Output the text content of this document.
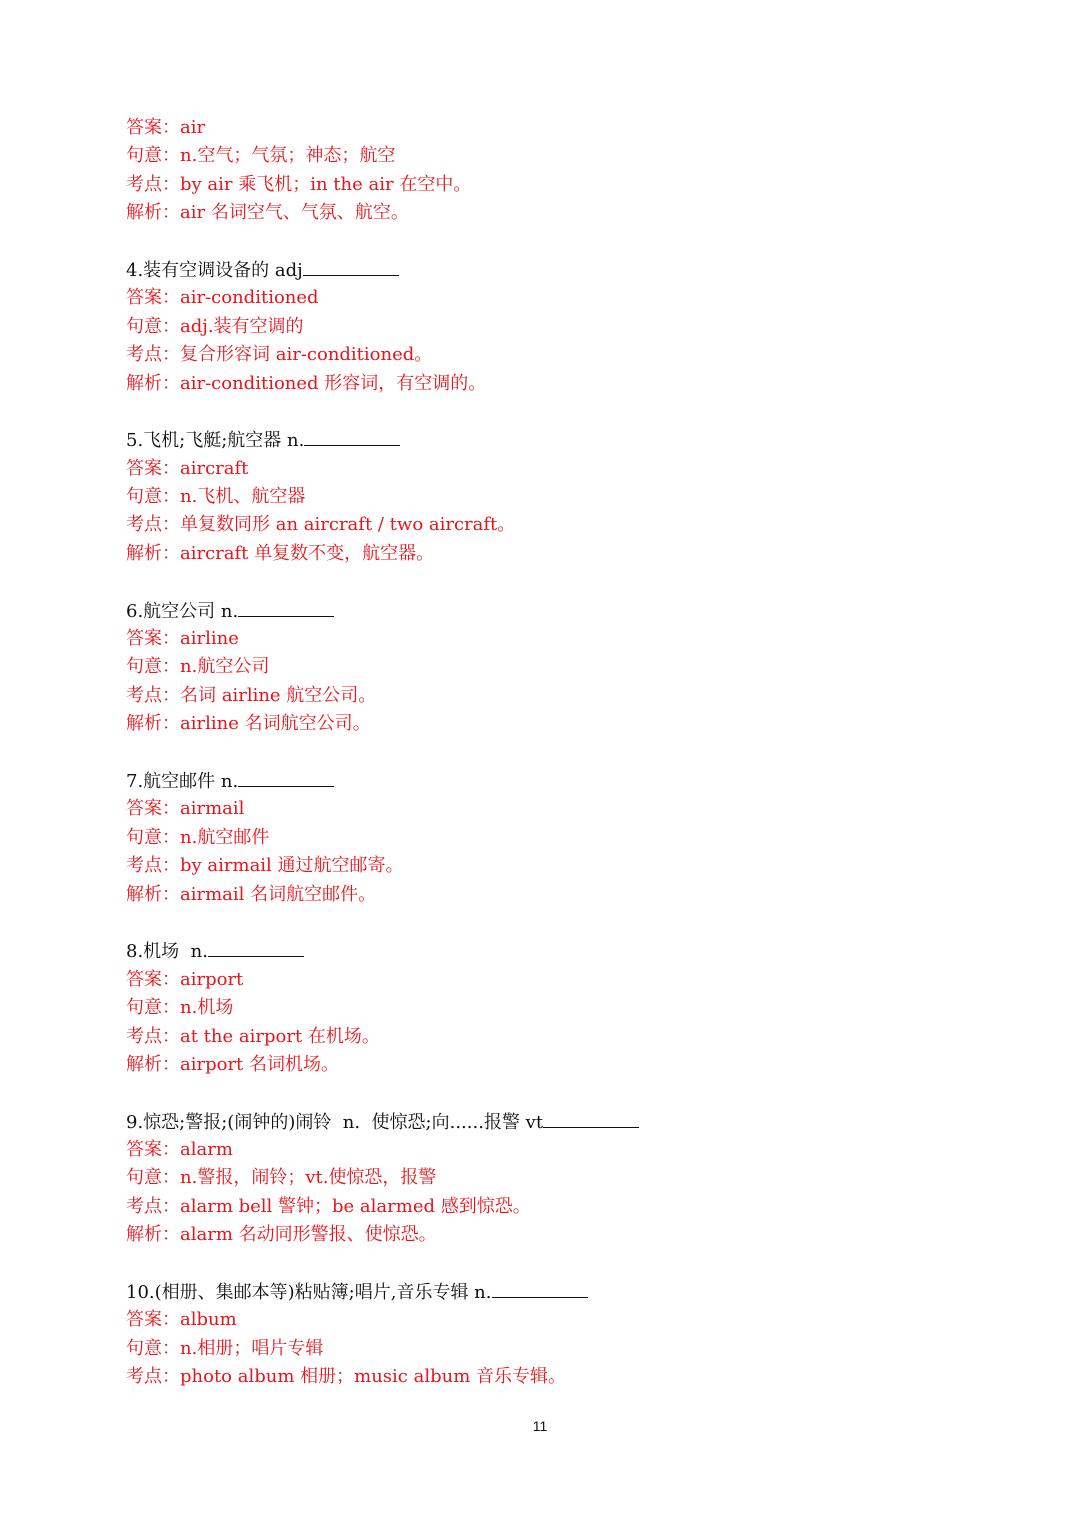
答案：air
句意：n.空气；气氛；神态；航空
考点：by air 乘飞机；in the air 在空中。
解析：air 名词空气、气氛、航空。
4.装有空调设备的 adj
答案：air-conditioned
句意：adj.装有空调的
考点：复合形容词 air-conditioned。
解析：air-conditioned 形容词，有空调的。
5.飞机;飞艇;航空器 n.
答案：aircraft
句意：n.飞机、航空器
考点：单复数同形 an aircraft / two aircraft。
解析：aircraft 单复数不变，航空器。
6.航空公司 n.
答案：airline
句意：n.航空公司
考点：名词 airline 航空公司。
解析：airline 名词航空公司。
7.航空邮件 n.
答案：airmail
句意：n.航空邮件
考点：by airmail 通过航空邮寄。
解析：airmail 名词航空邮件。
8.机场  n.
答案：airport
句意：n.机场
考点：at the airport 在机场。
解析：airport 名词机场。
9.惊恐;警报;(闹钟的)闹铃  n.  使惊恐;向......报警 vt
答案：alarm
句意：n.警报，闹铃；vt.使惊恐，报警
考点：alarm bell 警钟；be alarmed 感到惊恐。
解析：alarm 名动同形警报、使惊恐。
10.(相册、集邮本等)粘贴簿;唱片,音乐专辑 n.
答案：album
句意：n.相册；唱片专辑
考点：photo album 相册；music album 音乐专辑。
11
